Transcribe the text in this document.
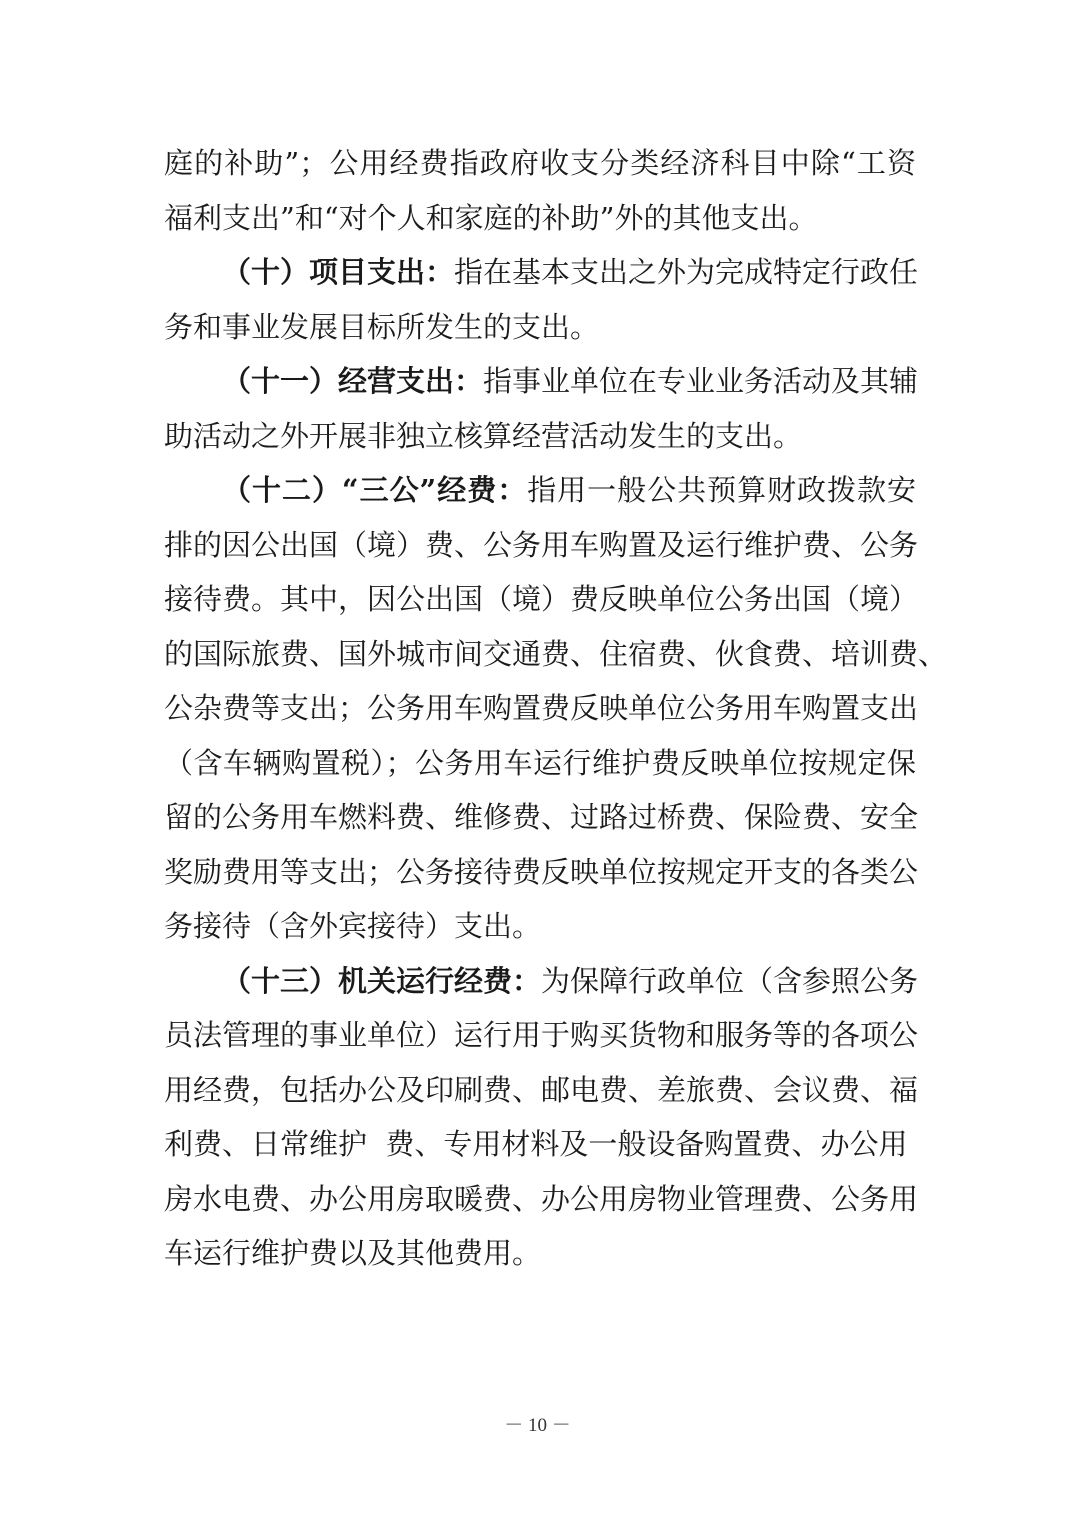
庭的补助”；公用经费指政府收支分类经济科目中除“工资
福利支出”和“对个人和家庭的补助”外的其他支出。
（十）项目支出：指在基本支出之外为完成特定行政任
务和事业发展目标所发生的支出。
（十一）经营支出：指事业单位在专业业务活动及其辅
助活动之外开展非独立核算经营活动发生的支出。
（十二）“三公”经费：指用一般公共预算财政拨款安
排的因公出国（境）费、公务用车购置及运行维护费、公务
接待费。其中，因公出国（境）费反映单位公务出国（境）
的国际旅费、国外城市间交通费、住宿费、伙食费、培训费、
公杂费等支出；公务用车购置费反映单位公务用车购置支出
（含车辆购置税）；公务用车运行维护费反映单位按规定保
留的公务用车燃料费、维修费、过路过桥费、保险费、安全
奖励费用等支出；公务接待费反映单位按规定开支的各类公
务接待（含外宾接待）支出。
（十三）机关运行经费：为保障行政单位（含参照公务
员法管理的事业单位）运行用于购买货物和服务等的各项公
用经费，包括办公及印刷费、邮电费、差旅费、会议费、福
利费、日常维护  费、专用材料及一般设备购置费、办公用
房水电费、办公用房取暖费、办公用房物业管理费、公务用
车运行维护费以及其他费用。
－ 10 －
